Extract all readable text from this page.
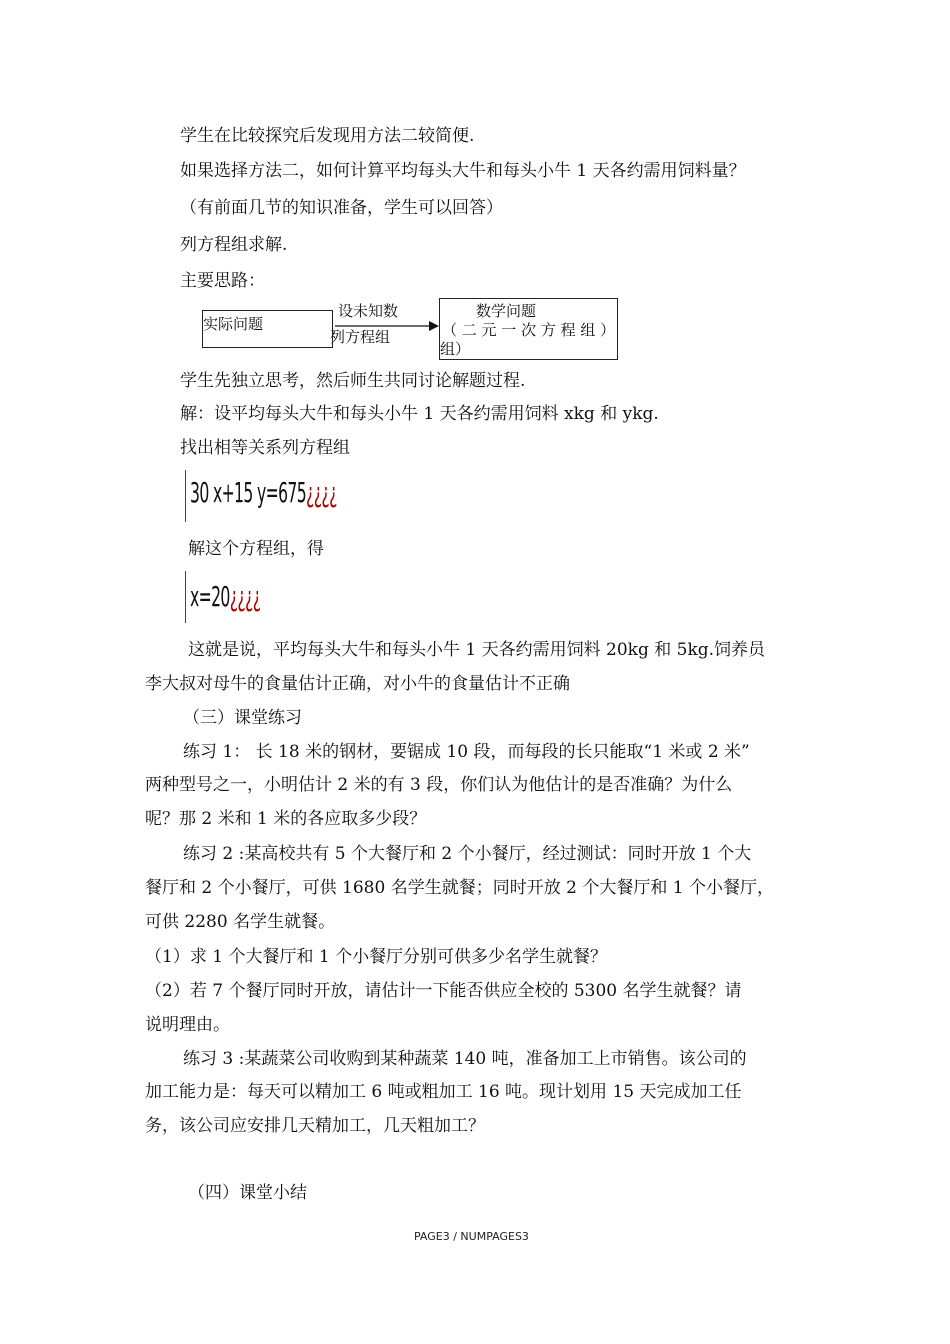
学生在比较探究后发现用方法二较简便.
如果选择方法二，如何计算平均每头大牛和每头小牛 1 天各约需用饲料量？
（有前面几节的知识准备，学生可以回答）
列方程组求解.
主要思路：
实际问题
设未知数
列方程组
数学问题
（ 二 元 一 次 方 程 组 ）
组）
学生先独立思考，然后师生共同讨论解题过程.
解：设平均每头大牛和每头小牛 1 天各约需用饲料 xkg 和 ykg.
找出相等关系列方程组
30 x+15 y=675¿¿¿¿
解这个方程组，得
x=20¿¿¿¿
这就是说，平均每头大牛和每头小牛 1 天各约需用饲料 20kg 和 5kg.饲养员
李大叔对母牛的食量估计正确，对小牛的食量估计不正确
（三）课堂练习
练习 1： 长 18 米的钢材，要锯成 10 段，而每段的长只能取“1 米或 2 米”
两种型号之一，小明估计 2 米的有 3 段，你们认为他估计的是否准确？为什么
呢？那 2 米和 1 米的各应取多少段？
练习 2 :某高校共有 5 个大餐厅和 2 个小餐厅，经过测试：同时开放 1 个大
餐厅和 2 个小餐厅，可供 1680 名学生就餐；同时开放 2 个大餐厅和 1 个小餐厅，
可供 2280 名学生就餐。
（1）求 1 个大餐厅和 1 个小餐厅分别可供多少名学生就餐？
（2）若 7 个餐厅同时开放，请估计一下能否供应全校的 5300 名学生就餐？请
说明理由。
练习 3 :某蔬菜公司收购到某种蔬菜 140 吨，准备加工上市销售。该公司的
加工能力是：每天可以精加工 6 吨或粗加工 16 吨。现计划用 15 天完成加工任
务，该公司应安排几天精加工，几天粗加工？
（四）课堂小结
PAGE3 / NUMPAGES3
